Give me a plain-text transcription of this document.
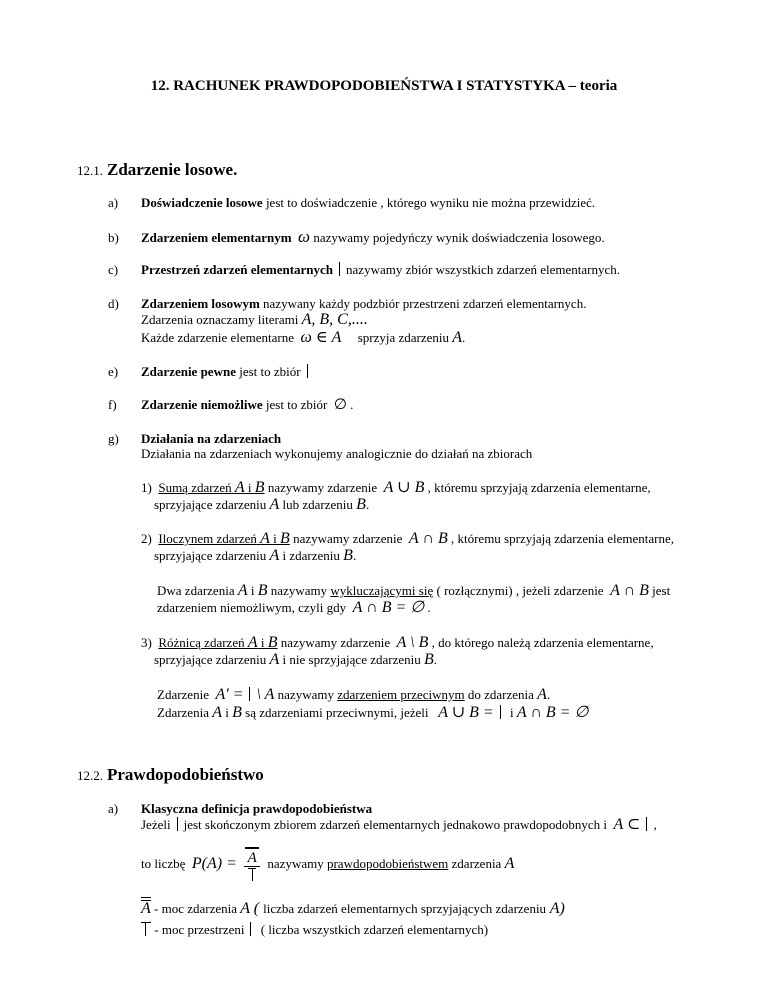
12. RACHUNEK PRAWDOPODOBIEŃSTWA I STATYSTYKA – teoria
12.1. Zdarzenie losowe.
a) Doświadczenie losowe jest to doświadczenie , którego wyniku nie można przewidzieć.
b) Zdarzeniem elementarnym ω nazywamy pojedyńczy wynik doświadczenia losowego.
c) Przestrzeń zdarzeń elementarnych nazywamy zbiór wszystkich zdarzeń elementarnych.
d) Zdarzeniem losowym nazywany każdy podzbiór przestrzeni zdarzeń elementarnych.
Zdarzenia oznaczamy literami A, B, C,....
Każde zdarzenie elementarne ω ∈ A sprzyja zdarzeniu A.
e) Zdarzenie pewne jest to zbiór
f) Zdarzenie niemożliwe jest to zbiór ∅ .
g) Działania na zdarzeniach
Działania na zdarzeniach wykonujemy analogicznie do działań na zbiorach
1) Sumą zdarzeń A i B nazywamy zdarzenie  A ∪ B , któremu sprzyjają zdarzenia elementarne,
sprzyjające zdarzeniu A lub zdarzeniu B.
2) Iloczynem zdarzeń A i B nazywamy zdarzenie  A ∩ B , któremu sprzyjają zdarzenia elementarne,
sprzyjające zdarzeniu A i zdarzeniu B.
Dwa zdarzenia A i B nazywamy wykluczającymi się ( rozłącznymi) , jeżeli zdarzenie A ∩ B jest
zdarzeniem niemożliwym, czyli gdy A ∩ B = ∅ .
3) Różnicą zdarzeń A i B nazywamy zdarzenie  A \ B , do którego należą zdarzenia elementarne,
sprzyjające zdarzeniu A i nie sprzyjające zdarzeniu B.
Zdarzenie A' = \ A nazywamy zdarzeniem przeciwnym do zdarzenia A.
Zdarzenia A i B są zdarzeniami przeciwnymi, jeżeli A ∪ B = i A ∩ B = ∅
12.2. Prawdopodobieństwo
a) Klasyczna definicja prawdopodobieństwa
Jeżeli jest skończonym zbiorem zdarzeń elementarnych jednakowo prawdopodobnych i A ⊂ ,
to liczbę P(A) = A nazywamy prawdopodobieństwem zdarzenia A
A - moc zdarzenia A ( liczba zdarzeń elementarnych sprzyjających zdarzeniu A)
- moc przestrzeni ( liczba wszystkich zdarzeń elementarnych)
